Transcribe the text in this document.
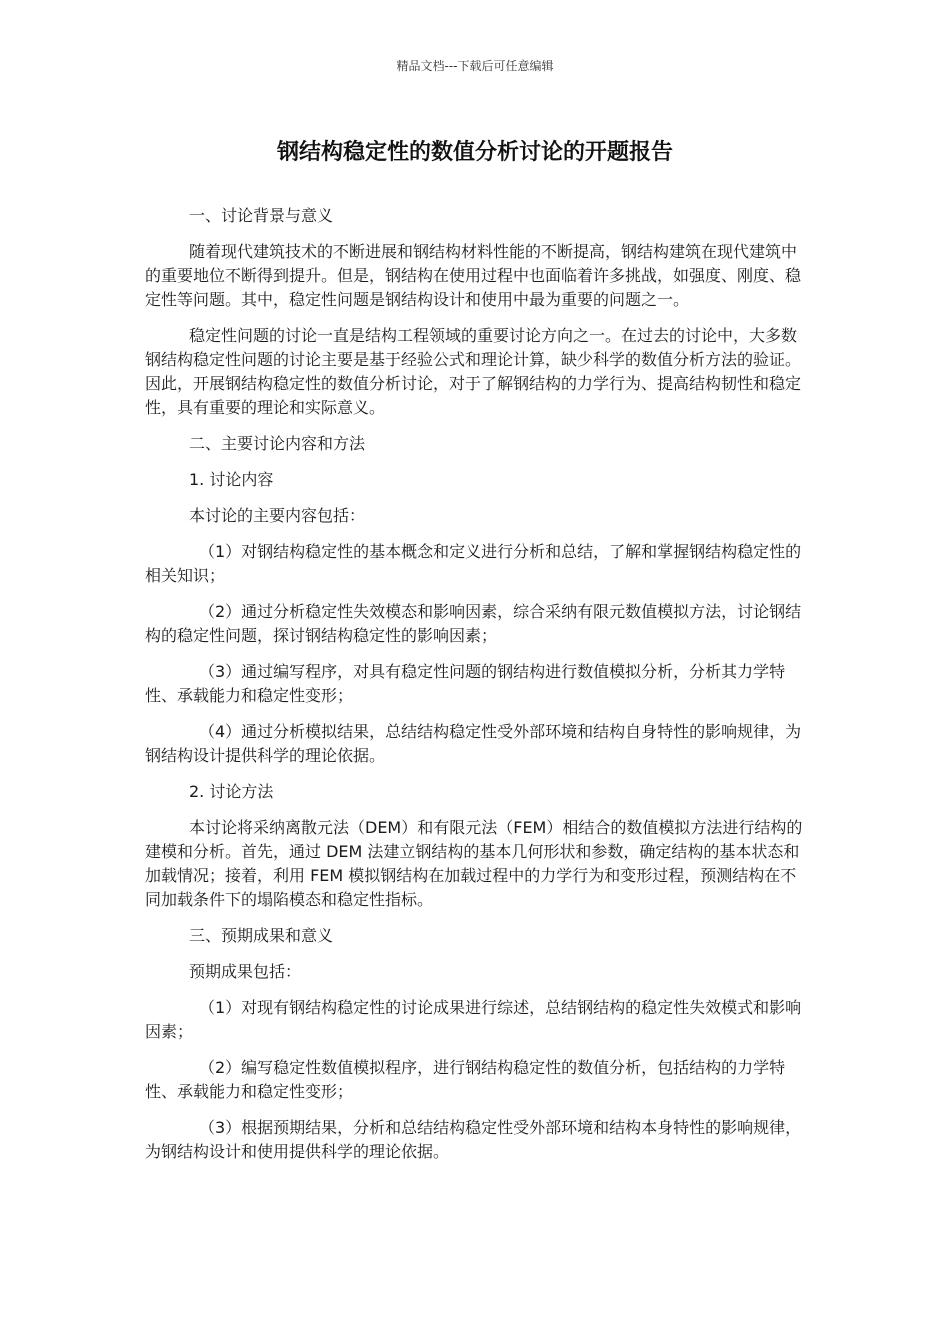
精品文档---下载后可任意编辑
钢结构稳定性的数值分析讨论的开题报告

一、讨论背景与意义

随着现代建筑技术的不断进展和钢结构材料性能的不断提高，钢结构建筑在现代建筑中的重要地位不断得到提升。但是，钢结构在使用过程中也面临着许多挑战，如强度、刚度、稳定性等问题。其中，稳定性问题是钢结构设计和使用中最为重要的问题之一。

稳定性问题的讨论一直是结构工程领域的重要讨论方向之一。在过去的讨论中，大多数钢结构稳定性问题的讨论主要是基于经验公式和理论计算，缺少科学的数值分析方法的验证。因此，开展钢结构稳定性的数值分析讨论，对于了解钢结构的力学行为、提高结构韧性和稳定性，具有重要的理论和实际意义。

二、主要讨论内容和方法

1. 讨论内容

本讨论的主要内容包括：

（1）对钢结构稳定性的基本概念和定义进行分析和总结，了解和掌握钢结构稳定性的相关知识；

（2）通过分析稳定性失效模态和影响因素，综合采纳有限元数值模拟方法，讨论钢结构的稳定性问题，探讨钢结构稳定性的影响因素；

（3）通过编写程序，对具有稳定性问题的钢结构进行数值模拟分析，分析其力学特性、承载能力和稳定性变形；

（4）通过分析模拟结果，总结结构稳定性受外部环境和结构自身特性的影响规律，为钢结构设计提供科学的理论依据。

2. 讨论方法

本讨论将采纳离散元法（DEM）和有限元法（FEM）相结合的数值模拟方法进行结构的建模和分析。首先，通过 DEM 法建立钢结构的基本几何形状和参数，确定结构的基本状态和加载情况；接着，利用 FEM 模拟钢结构在加载过程中的力学行为和变形过程，预测结构在不同加载条件下的塌陷模态和稳定性指标。

三、预期成果和意义

预期成果包括：

（1）对现有钢结构稳定性的讨论成果进行综述，总结钢结构的稳定性失效模式和影响因素；

（2）编写稳定性数值模拟程序，进行钢结构稳定性的数值分析，包括结构的力学特性、承载能力和稳定性变形；

（3）根据预期结果，分析和总结结构稳定性受外部环境和结构本身特性的影响规律，为钢结构设计和使用提供科学的理论依据。
